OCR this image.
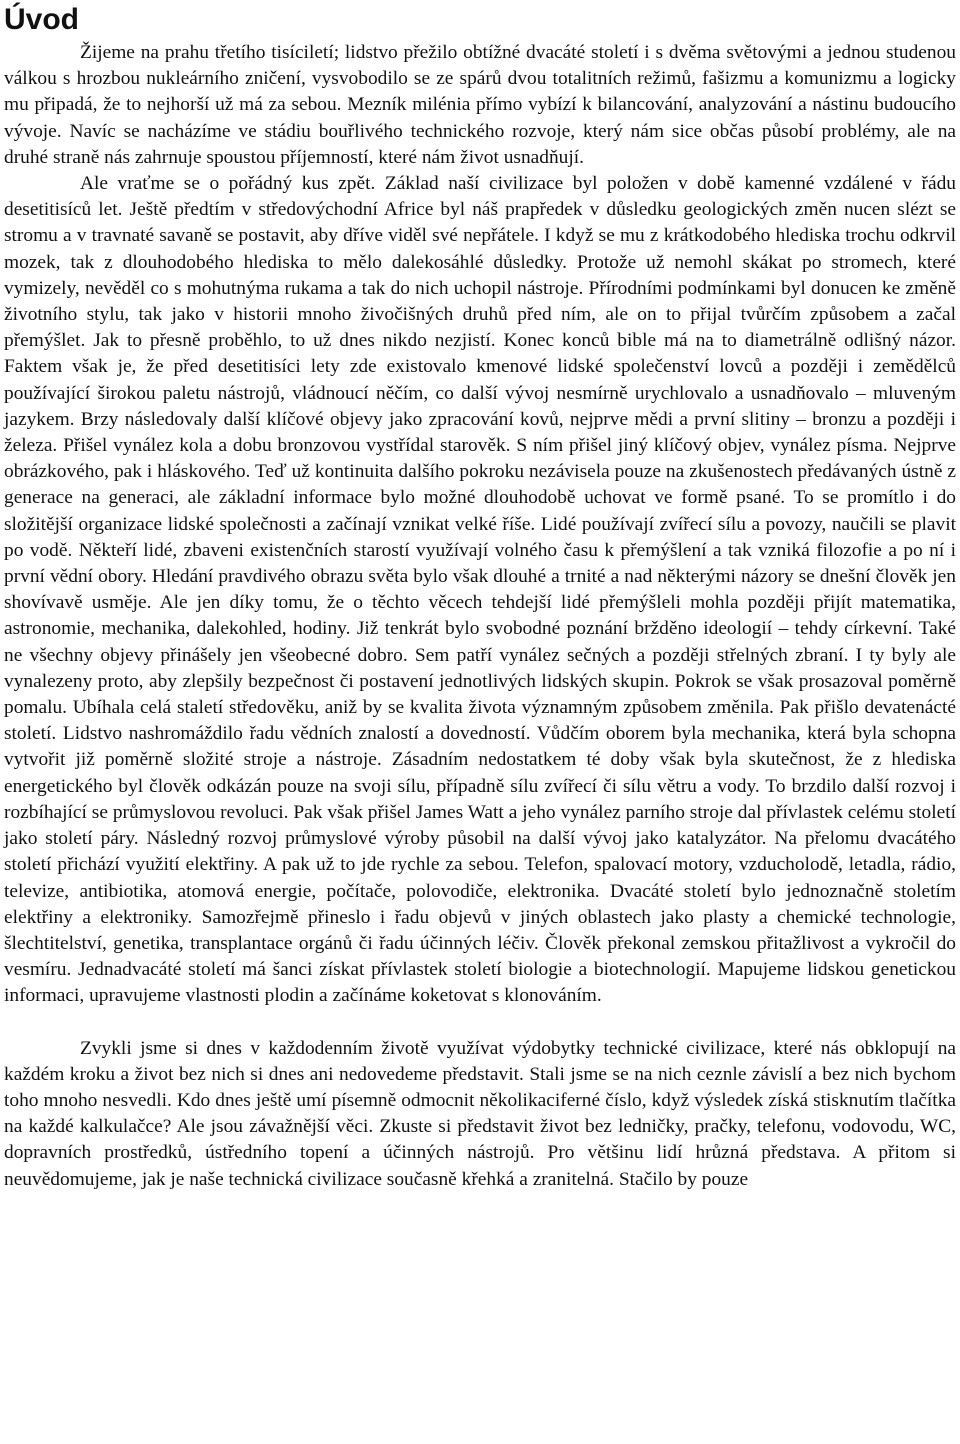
Úvod

Žijeme na prahu třetího tisíciletí; lidstvo přežilo obtížné dvacáté století i s dvěma světovými a jednou studenou válkou s hrozbou nukleárního zničení, vysvobodilo se ze spárů dvou totalitních režimů, fašizmu a komunizmu a logicky mu připadá, že to nejhorší už má za sebou. Mezník milénia přímo vybízí k bilancování, analyzování a nástinu budoucího vývoje. Navíc se nacházíme ve stádiu bouřlivého technického rozvoje, který nám sice občas působí problémy, ale na druhé straně nás zahrnuje spoustou příjemností, které nám život usnadňují.

Ale vraťme se o pořádný kus zpět. Základ naší civilizace byl položen v době kamenné vzdálené v řádu desetitisíců let. Ještě předtím v středovýchodní Africe byl náš prapředek v důsledku geologických změn nucen slézt se stromu a v travnaté savaně se postavit, aby dříve viděl své nepřátele. I když se mu z krátkodobého hlediska trochu odkrvil mozek, tak z dlouhodobého hlediska to mělo dalekosáhlé důsledky. Protože už nemohl skákat po stromech, které vymizely, nevěděl co s mohutnýma rukama a tak do nich uchopil nástroje. Přírodními podmínkami byl donucen ke změně životního stylu, tak jako v historii mnoho živočišných druhů před ním, ale on to přijal tvůrčím způsobem a začal přemýšlet. Jak to přesně proběhlo, to už dnes nikdo nezjistí. Konec konců bible má na to diametrálně odlišný názor. Faktem však je, že před desetitisíci lety zde existovalo kmenové lidské společenství lovců a později i zemědělců používající širokou paletu nástrojů, vládnoucí něčím, co další vývoj nesmírně urychlovalo a usnadňovalo – mluveným jazykem. Brzy následovaly další klíčové objevy jako zpracování kovů, nejprve mědi a první slitiny – bronzu a později i železa. Přišel vynález kola a dobu bronzovou vystřídal starověk. S ním přišel jiný klíčový objev, vynález písma. Nejprve obrázkového, pak i hláskového. Teď už kontinuita dalšího pokroku nezávisela pouze na zkušenostech předávaných ústně z generace na generaci, ale základní informace bylo možné dlouhodobě uchovat ve formě psané. To se promítlo i do složitější organizace lidské společnosti a začínají vznikat velké říše. Lidé používají zvířecí sílu a povozy, naučili se plavit po vodě. Někteří lidé, zbaveni existenčních starostí využívají volného času k přemýšlení a tak vzniká filozofie a po ní i první vědní obory. Hledání pravdivého obrazu světa bylo však dlouhé a trnité a nad některými názory se dnešní člověk jen shovívavě usměje. Ale jen díky tomu, že o těchto věcech tehdejší lidé přemýšleli mohla později přijít matematika, astronomie, mechanika, dalekohled, hodiny. Již tenkrát bylo svobodné poznání bržděno ideologií – tehdy církevní. Také ne všechny objevy přinášely jen všeobecné dobro. Sem patří vynález sečných a později střelných zbraní. I ty byly ale vynalezeny proto, aby zlepšily bezpečnost či postavení jednotlivých lidských skupin. Pokrok se však prosazoval poměrně pomalu. Ubíhala celá staletí středověku, aniž by se kvalita života významným způsobem změnila. Pak přišlo devatenácté století. Lidstvo nashromáždilo řadu vědních znalostí a dovedností. Vůdčím oborem byla mechanika, která byla schopna vytvořit již poměrně složité stroje a nástroje. Zásadním nedostatkem té doby však byla skutečnost, že z hlediska energetického byl člověk odkázán pouze na svoji sílu, případně sílu zvířecí či sílu větru a vody. To brzdilo další rozvoj i rozbíhající se průmyslovou revoluci. Pak však přišel James Watt a jeho vynález parního stroje dal přívlastek celému století jako století páry. Následný rozvoj průmyslové výroby působil na další vývoj jako katalyzátor. Na přelomu dvacátého století přichází využití elektřiny. A pak už to jde rychle za sebou. Telefon, spalovací motory, vzducholodě, letadla, rádio, televize, antibiotika, atomová energie, počítače, polovodiče, elektronika. Dvacáté století bylo jednoznačně stoletím elektřiny a elektroniky. Samozřejmě přineslo i řadu objevů v jiných oblastech jako plasty a chemické technologie, šlechtitelství, genetika, transplantace orgánů či řadu účinných léčiv. Člověk překonal zemskou přitažlivost a vykročil do vesmíru. Jednadvacáté století má šanci získat přívlastek století biologie a biotechnologií. Mapujeme lidskou genetickou informaci, upravujeme vlastnosti plodin a začínáme koketovat s klonováním.

Zvykli jsme si dnes v každodenním životě využívat výdobytky technické civilizace, které nás obklopují na každém kroku a život bez nich si dnes ani nedovedeme představit. Stali jsme se na nich ceznle závislí a bez nich bychom toho mnoho nesvedli. Kdo dnes ještě umí písemně odmocnit několikaciferné číslo, když výsledek získá stisknutím tlačítka na každé kalkulačce? Ale jsou závažnější věci. Zkuste si představit život bez ledničky, pračky, telefonu, vodovodu, WC, dopravních prostředků, ústředního topení a účinných nástrojů. Pro většinu lidí hrůzná představa. A přitom si neuvědomujeme, jak je naše technická civilizace současně křehká a zranitelná. Stačilo by pouze
